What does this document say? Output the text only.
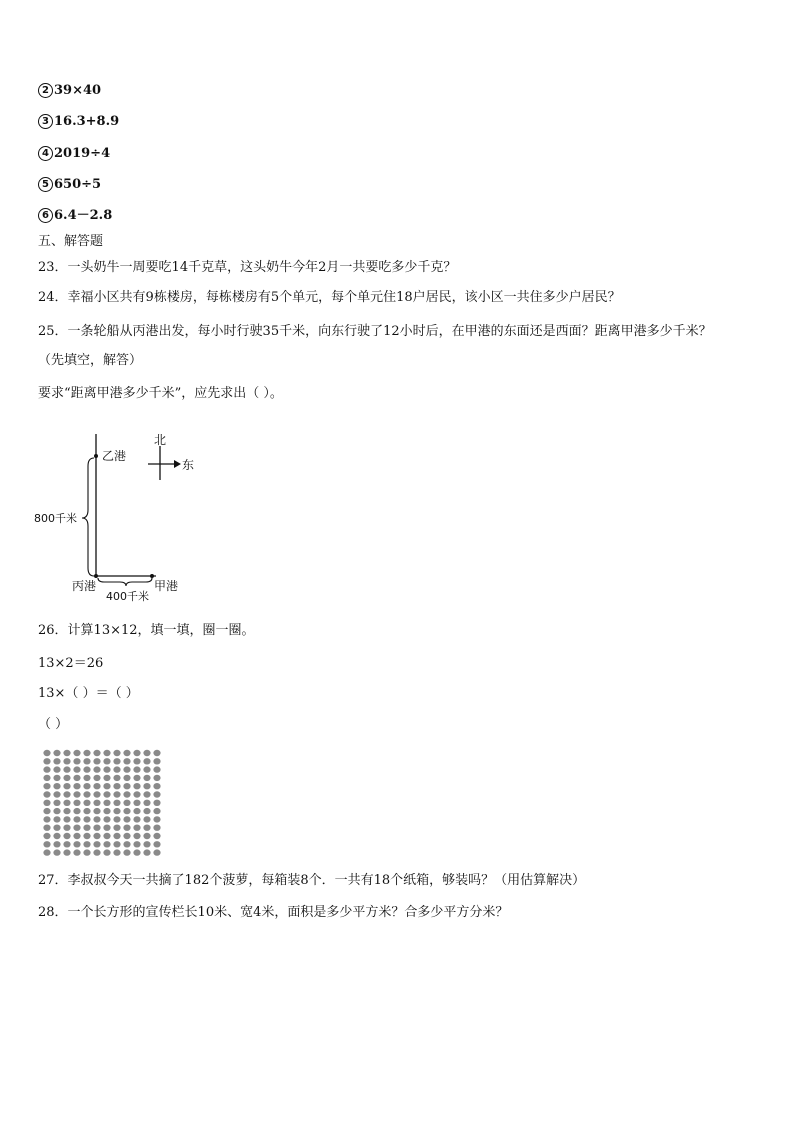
2 39×40
3 16.3+8.9
4 2019÷4
5 650÷5
6 6.4－2.8
五、解答题
23．一头奶牛一周要吃14千克草，这头奶牛今年2月一共要吃多少千克？
24．幸福小区共有9栋楼房，每栋楼房有5个单元，每个单元住18户居民，该小区一共住多少户居民？
25．一条轮船从丙港出发，每小时行驶35千米，向东行驶了12小时后，在甲港的东面还是西面？距离甲港多少千米？
（先填空，解答）
要求“距离甲港多少千米”，应先求出（ ）。
北
东
乙港
800千米
丙港	甲港
400千米
26．计算13×12，填一填，圈一圈。
13×2＝26
13×（ ）＝（ ）
（ ）
27．李叔叔今天一共摘了182个菠萝，每箱装8个．一共有18个纸箱，够装吗？（用估算解决）
28．一个长方形的宣传栏长10米、宽4米，面积是多少平方米？合多少平方分米？
